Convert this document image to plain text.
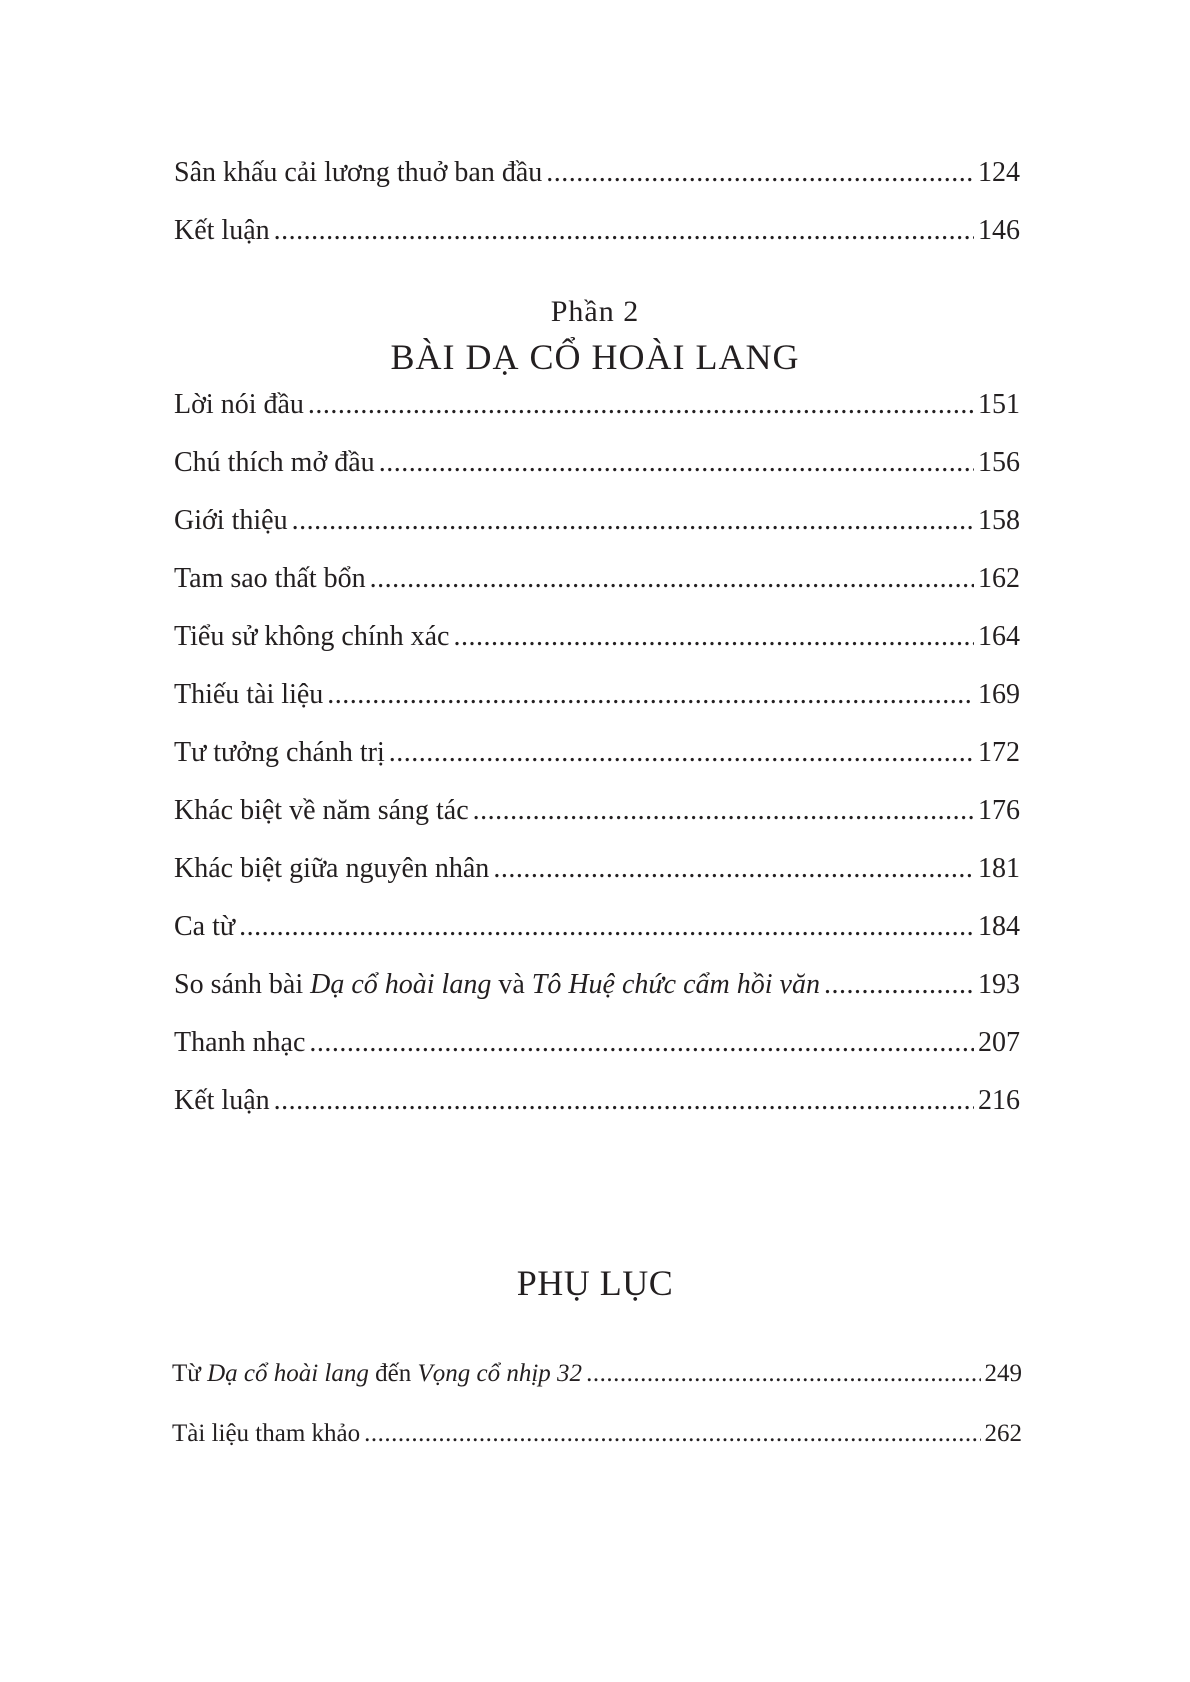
Sân khấu cải lương thuở ban đầu .....	124
Kết luận .....	146
Phần 2
BÀI DẠ CỔ HOÀI LANG
Lời nói đầu .....	151
Chú thích mở đầu .....	156
Giới thiệu .....	158
Tam sao thất bổn .....	162
Tiểu sử không chính xác .....	164
Thiếu tài liệu .....	169
Tư tưởng chánh trị .....	172
Khác biệt về năm sáng tác .....	176
Khác biệt giữa nguyên nhân .....	181
Ca từ .....	184
So sánh bài Dạ cổ hoài lang và Tô Huệ chức cẩm hồi văn .....	193
Thanh nhạc .....	207
Kết luận .....	216
PHỤ LỤC
Từ Dạ cổ hoài lang đến Vọng cổ nhịp 32 .....	249
Tài liệu tham khảo .....	262
